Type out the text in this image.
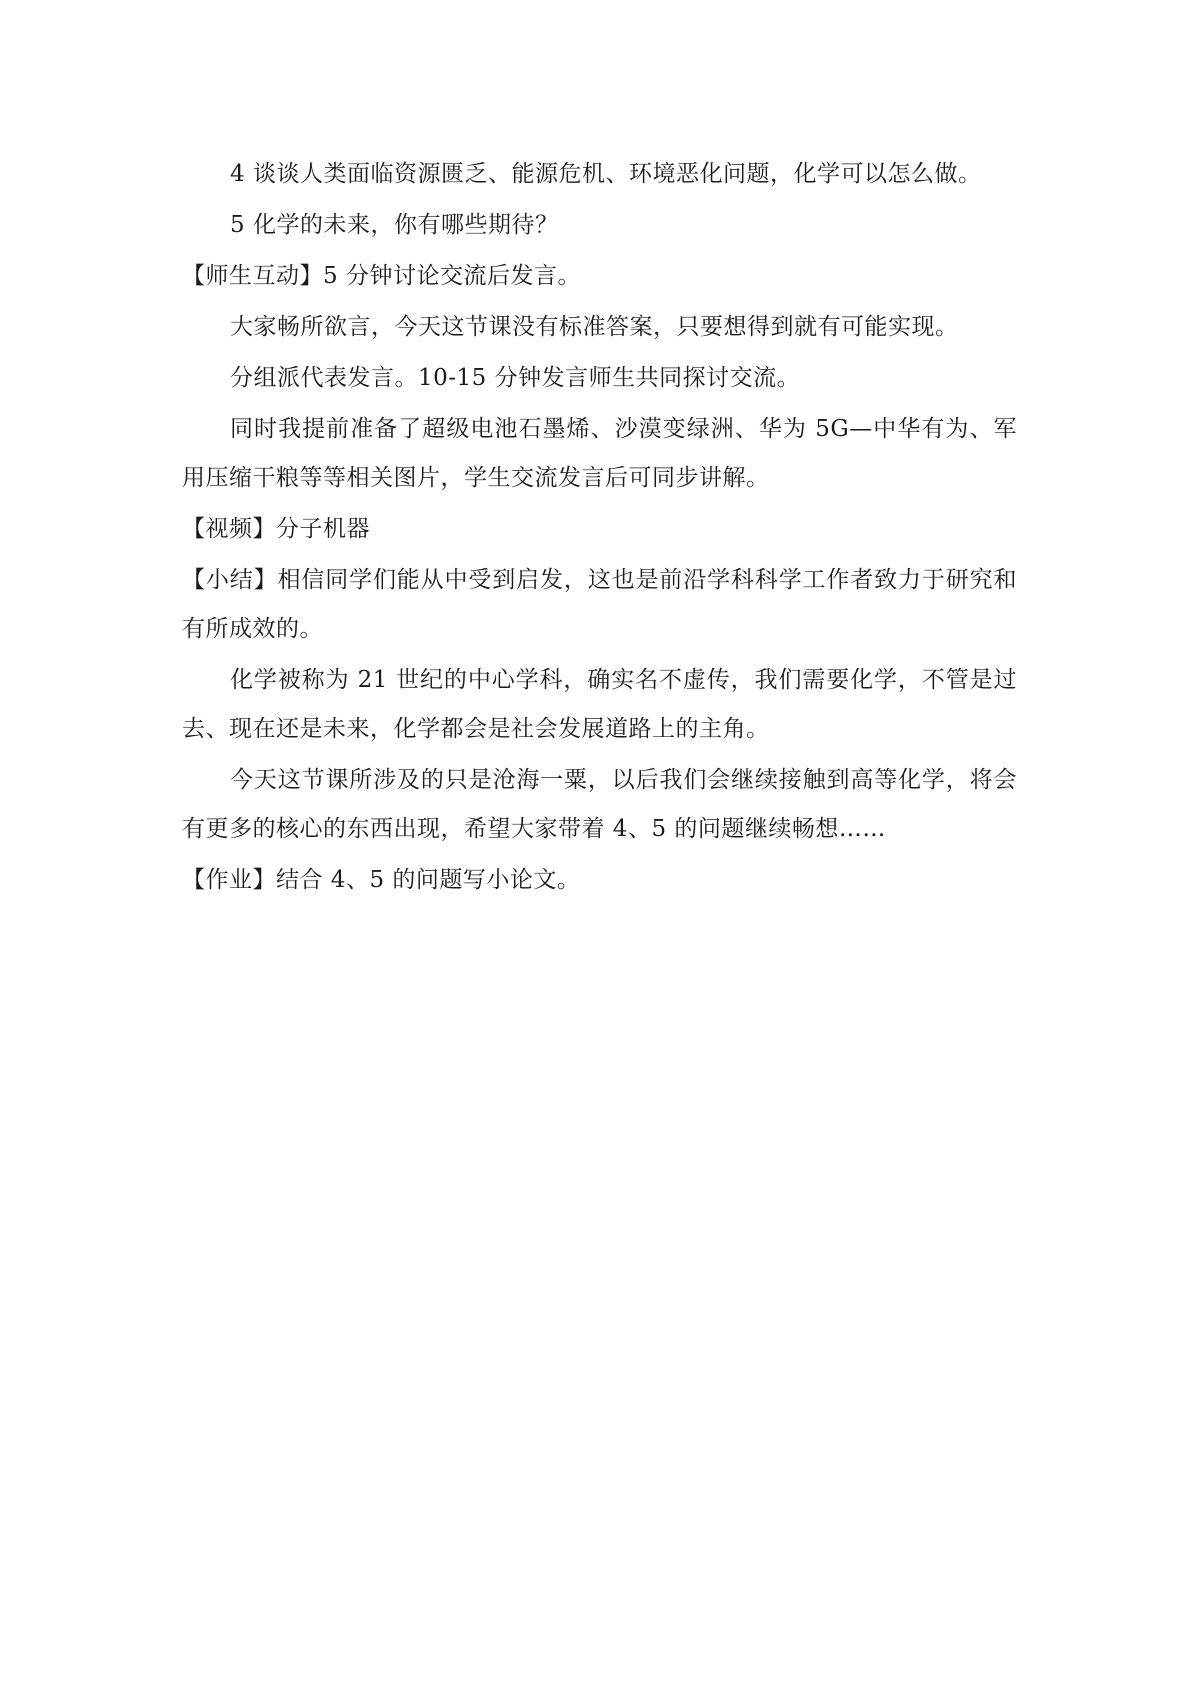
4 谈谈人类面临资源匮乏、能源危机、环境恶化问题，化学可以怎么做。

5 化学的未来，你有哪些期待？

【师生互动】5 分钟讨论交流后发言。

大家畅所欲言，今天这节课没有标准答案，只要想得到就有可能实现。

分组派代表发言。10-15 分钟发言师生共同探讨交流。

同时我提前准备了超级电池石墨烯、沙漠变绿洲、华为 5G—中华有为、军用压缩干粮等等相关图片，学生交流发言后可同步讲解。

【视频】分子机器

【小结】相信同学们能从中受到启发，这也是前沿学科科学工作者致力于研究和有所成效的。

化学被称为 21 世纪的中心学科，确实名不虚传，我们需要化学，不管是过去、现在还是未来，化学都会是社会发展道路上的主角。

今天这节课所涉及的只是沧海一粟，以后我们会继续接触到高等化学，将会有更多的核心的东西出现，希望大家带着 4、5 的问题继续畅想……

【作业】结合 4、5 的问题写小论文。
